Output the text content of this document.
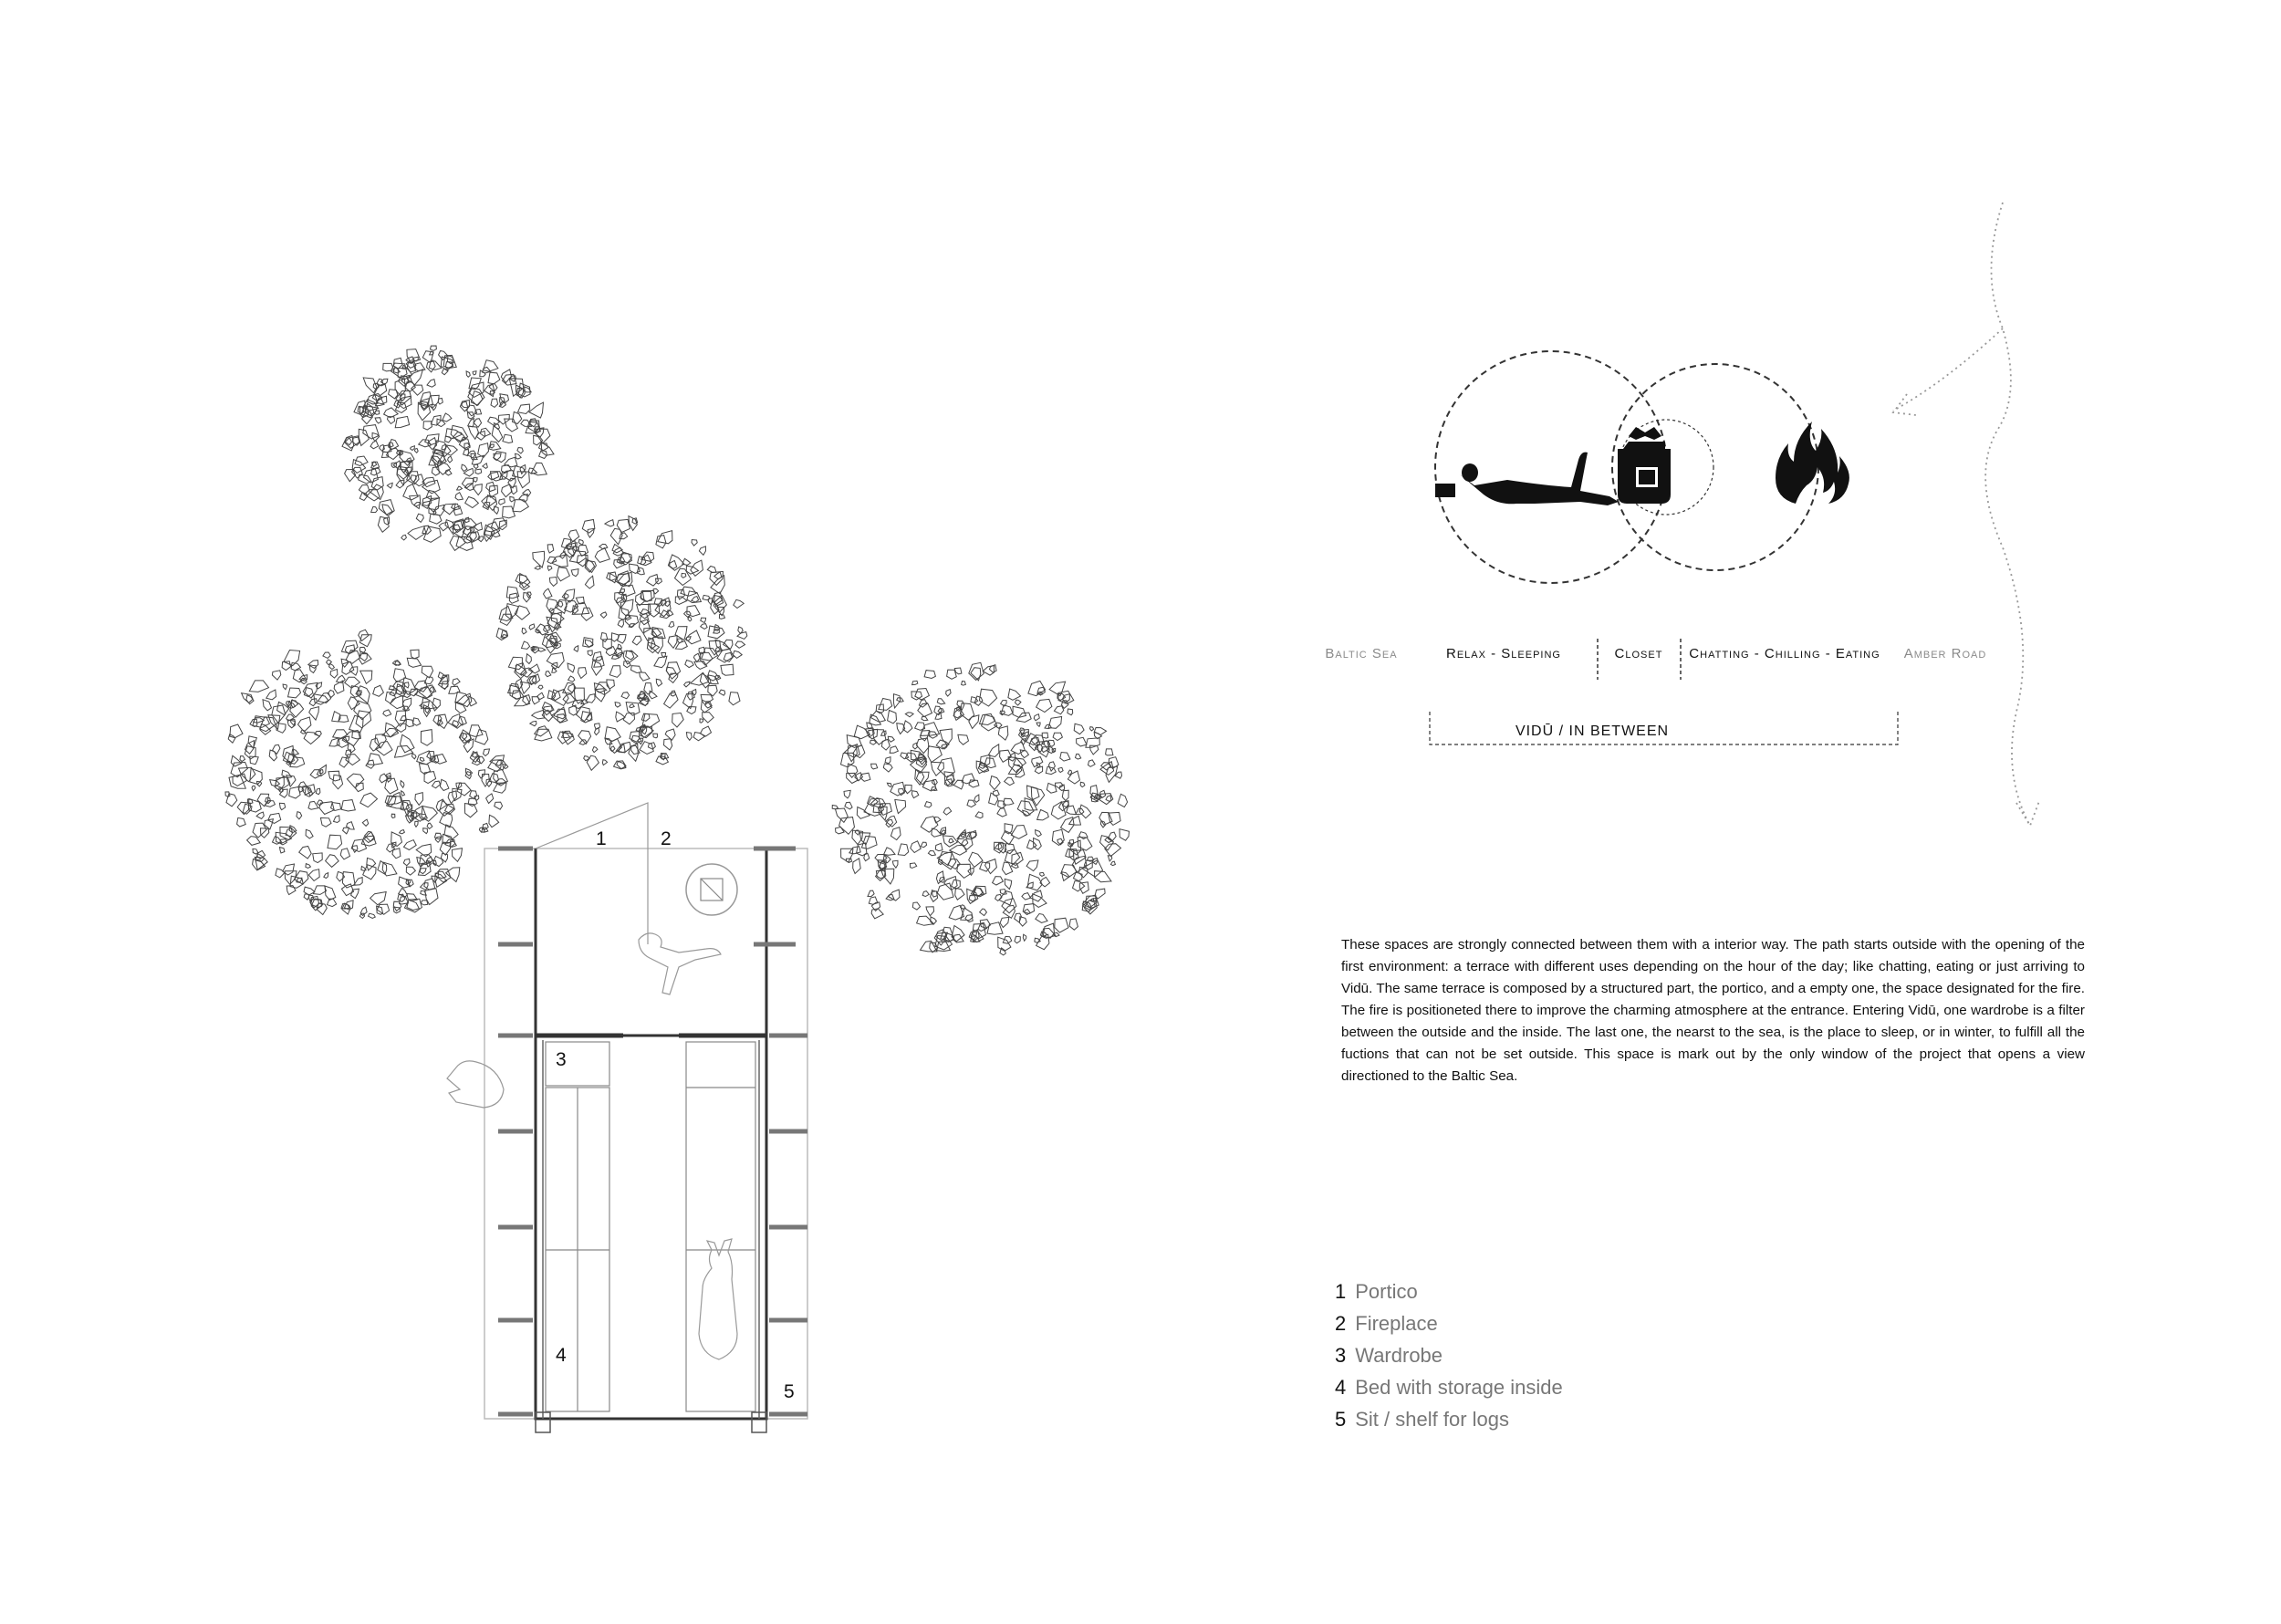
Baltic Sea	Relax - Sleeping	Closet Chatting - Chilling - Eating Amber Road
VIDŪ / IN BETWEEN
These spaces are strongly connected between them with a interior way. The path starts outside with the opening of the first environment: a terrace with different uses depending on the hour of the day; like chatting, eating or just arriving to Vidū. The same terrace is composed by a structured part, the portico, and a empty one, the space designated for the fire. The fire is positioneted there to improve the charming atmosphere at the entrance. Entering Vidū, one wardrobe is a filter between the outside and the inside. The last one, the nearst to the sea, is the place to sleep, or in winter, to fulfill all the fuctions that can not be set outside. This space is mark out by the only window of the project that opens a view directioned to the Baltic Sea.
1 Portico
2 Fireplace
3 Wardrobe
4 Bed with storage inside
5 Sit / shelf for logs
1	2
3
4
5
